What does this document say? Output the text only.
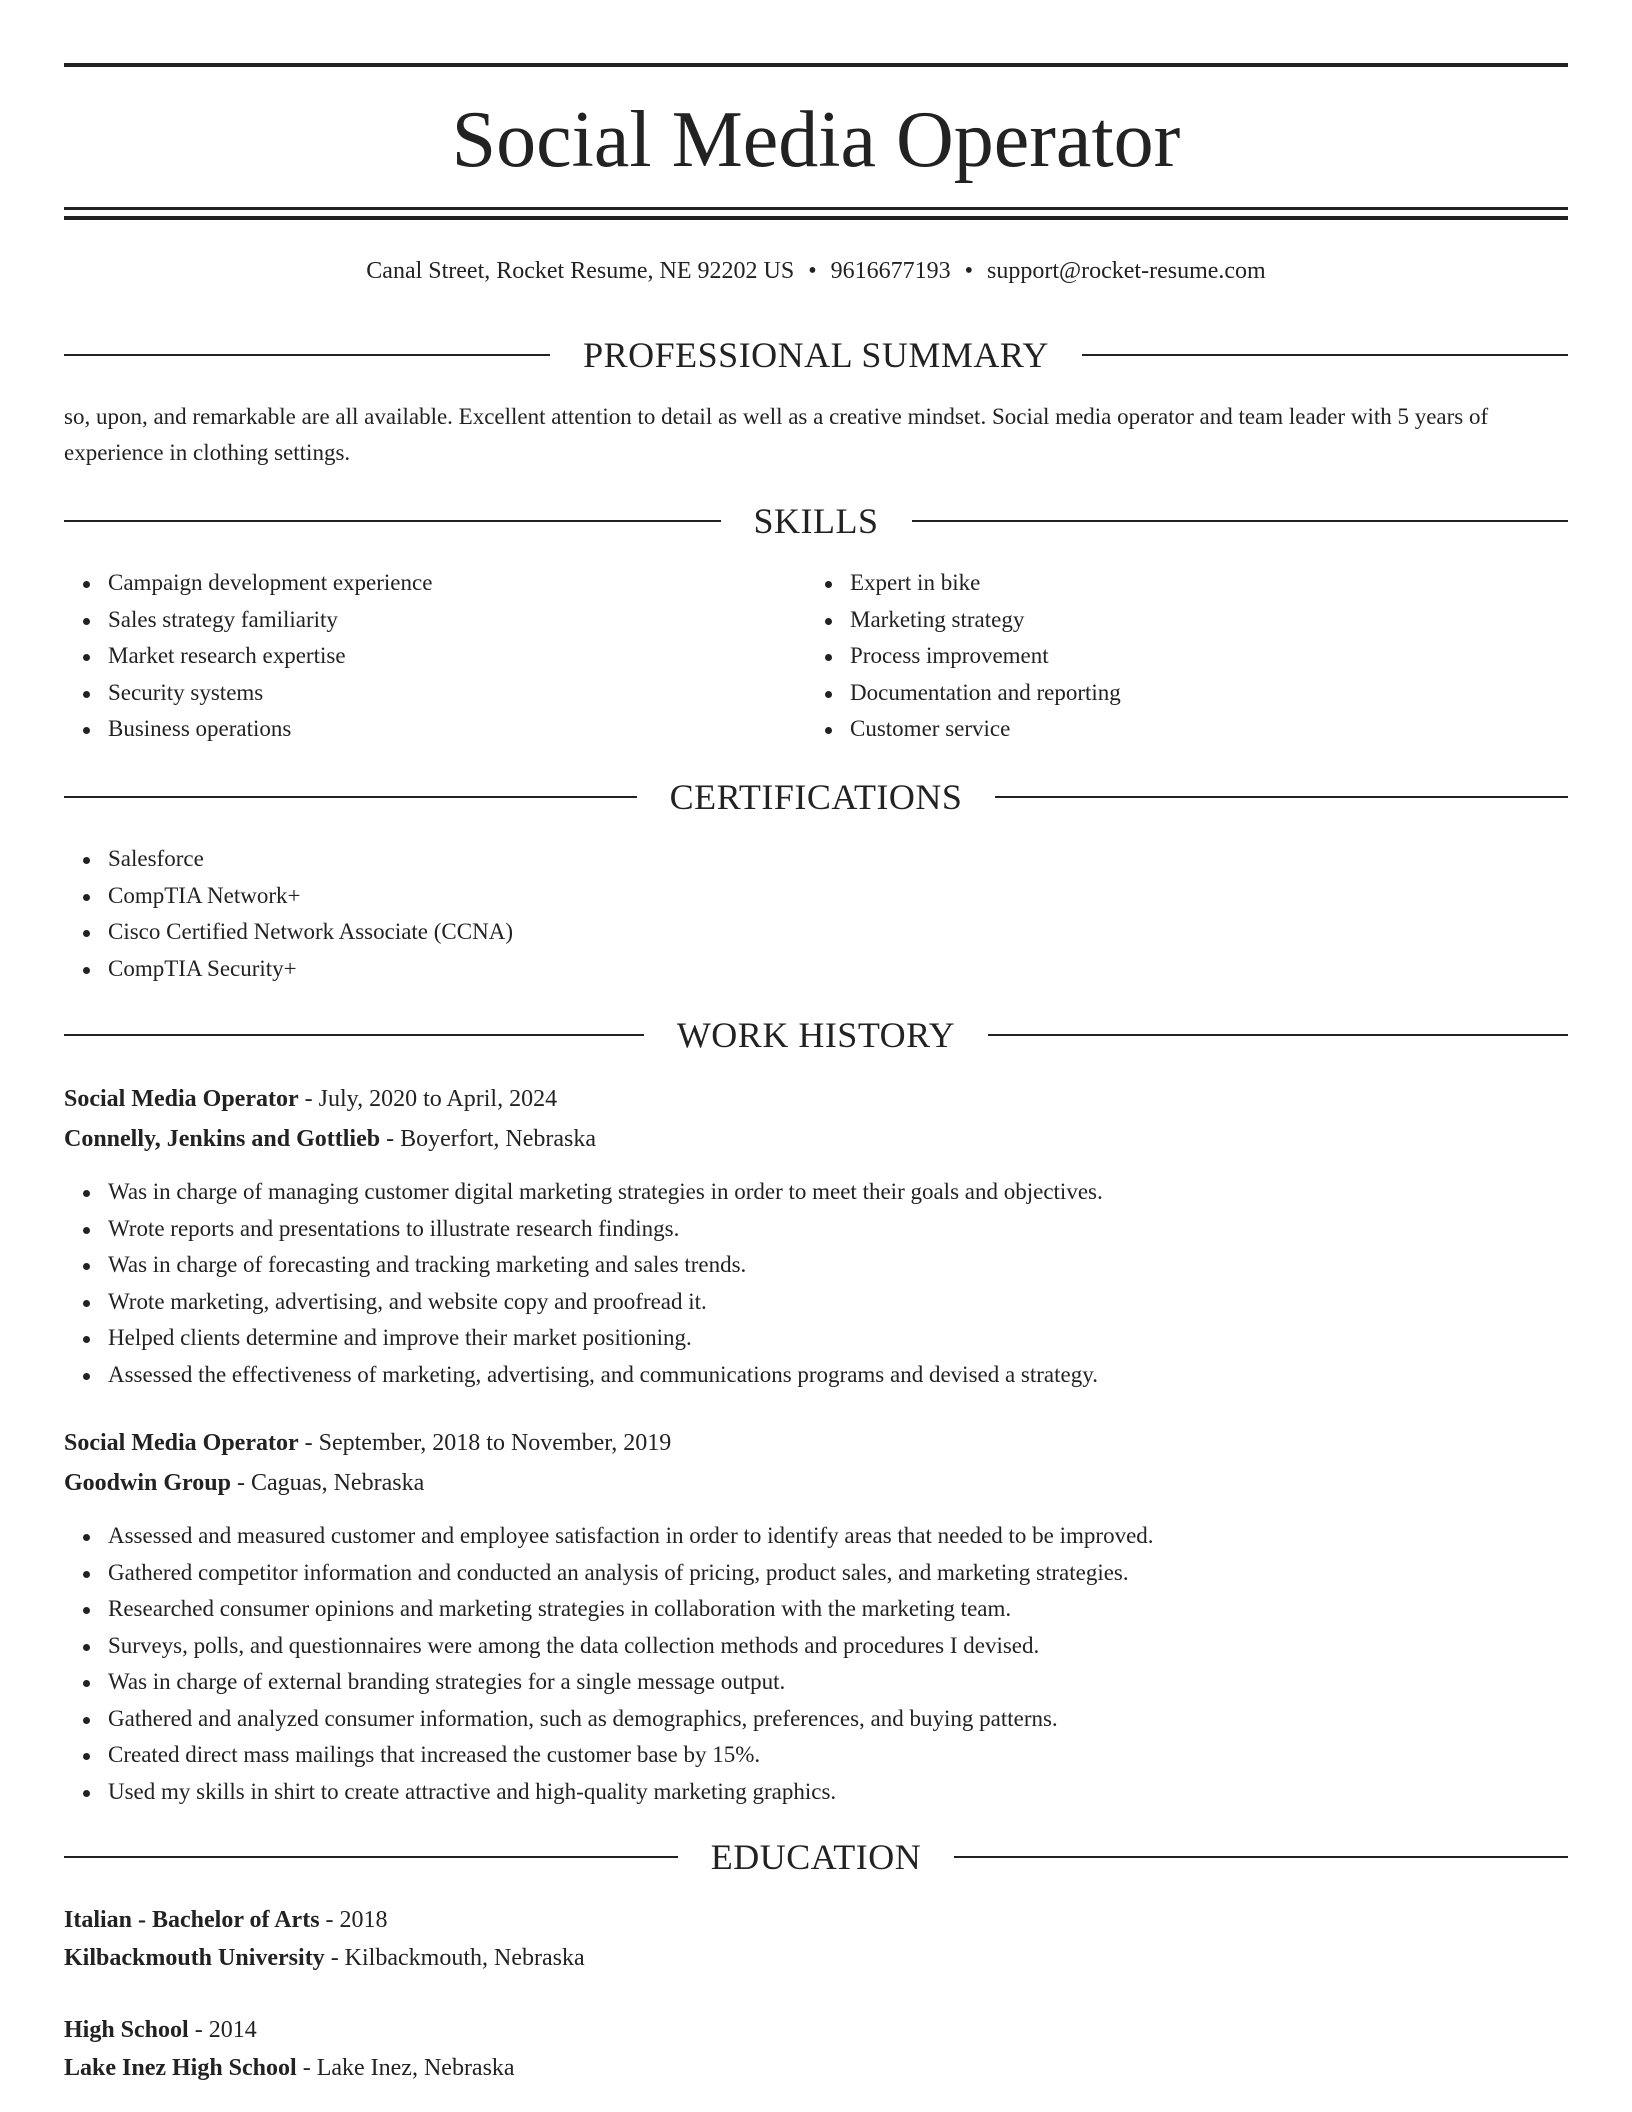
Social Media Operator
Canal Street, Rocket Resume, NE 92202 US • 9616677193 • support@rocket-resume.com
PROFESSIONAL SUMMARY

so, upon, and remarkable are all available. Excellent attention to detail as well as a creative mindset. Social media operator and team leader with 5 years of experience in clothing settings.

SKILLS
Campaign development experience
Sales strategy familiarity
Market research expertise
Security systems
Business operations
Expert in bike
Marketing strategy
Process improvement
Documentation and reporting
Customer service
CERTIFICATIONS
Salesforce
CompTIA Network+
Cisco Certified Network Associate (CCNA)
CompTIA Security+
WORK HISTORY
Social Media Operator - July, 2020 to April, 2024
Connelly, Jenkins and Gottlieb - Boyerfort, Nebraska
Was in charge of managing customer digital marketing strategies in order to meet their goals and objectives.
Wrote reports and presentations to illustrate research findings.
Was in charge of forecasting and tracking marketing and sales trends.
Wrote marketing, advertising, and website copy and proofread it.
Helped clients determine and improve their market positioning.
Assessed the effectiveness of marketing, advertising, and communications programs and devised a strategy.
Social Media Operator - September, 2018 to November, 2019
Goodwin Group - Caguas, Nebraska
Assessed and measured customer and employee satisfaction in order to identify areas that needed to be improved.
Gathered competitor information and conducted an analysis of pricing, product sales, and marketing strategies.
Researched consumer opinions and marketing strategies in collaboration with the marketing team.
Surveys, polls, and questionnaires were among the data collection methods and procedures I devised.
Was in charge of external branding strategies for a single message output.
Gathered and analyzed consumer information, such as demographics, preferences, and buying patterns.
Created direct mass mailings that increased the customer base by 15%.
Used my skills in shirt to create attractive and high-quality marketing graphics.
EDUCATION
Italian - Bachelor of Arts - 2018
Kilbackmouth University - Kilbackmouth, Nebraska
High School - 2014
Lake Inez High School - Lake Inez, Nebraska
